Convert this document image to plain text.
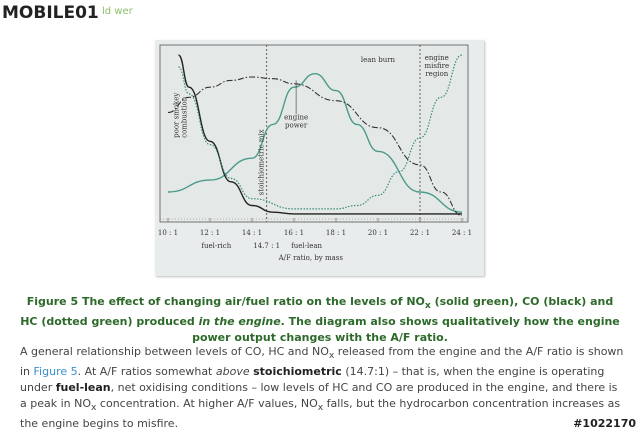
MOBILE01 ld wer
10 : 1	12 : 1	14 : 1	16 : 1	18 : 1	20 : 1	22 : 1	24 : 1
fuel-rich	14.7 : 1 fuel-lean
A/F ratio, by mass
poor smokey combustion
stoichiometric mix
engine
power
lean burn	engine
misfire
region
Figure 5 The effect of changing air/fuel ratio on the levels of $NO_x$ (solid green), CO (black) and HC (dotted green) produced in the engine. The diagram also shows qualitatively how the engine power output changes with the A/F ratio.
A general relationship between levels of CO, HC and $NO_x$ released from the engine and the A/F ratio is shown in Figure 5. At A/F ratios somewhat above stoichiometric (14.7:1) – that is, when the engine is operating under fuel-lean, net oxidising conditions – low levels of HC and CO are produced in the engine, and there is a peak in $NO_x$ concentration. At higher A/F values, $NO_x$ falls, but the hydrocarbon concentration increases as the engine begins to misfire.	#1022170
